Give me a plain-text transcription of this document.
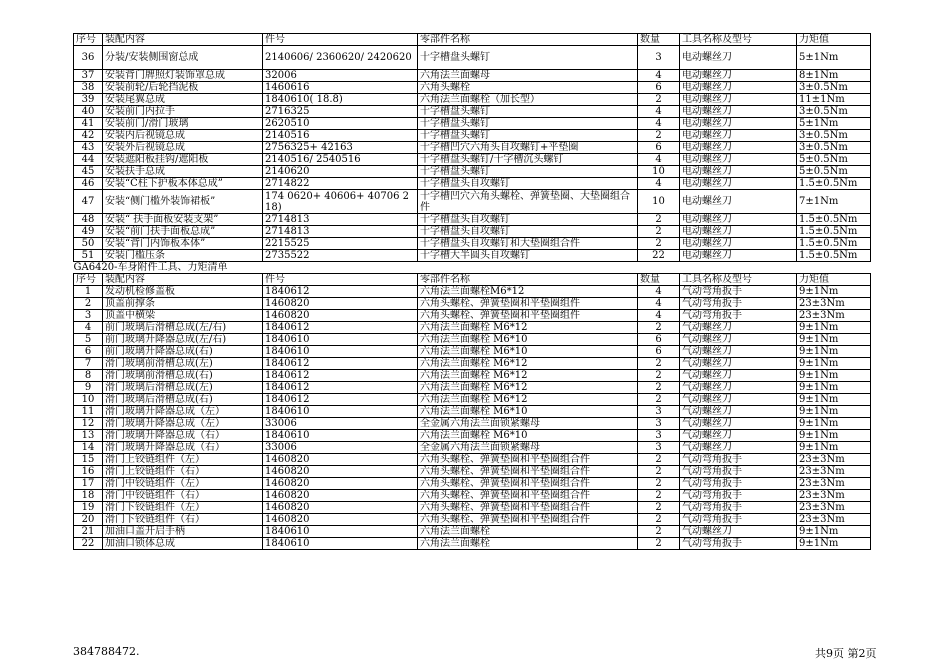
序号	装配内容	件号	零部件名称	数量	工具名称及型号	力矩值
36	分装/安装侧围窗总成	2140606/ 2360620/ 2420620	十字槽盘头螺钉	3	电动螺丝刀	5±1Nm
37	安装背门牌照灯装饰罩总成	32006	六角法兰面螺母	4	电动螺丝刀	8±1Nm
38	安装前轮/后轮挡泥板	1460616	六角头螺栓	6	电动螺丝刀	3±0.5Nm
39	安装尾翼总成	1840610( 18.8)	六角法兰面螺栓（加长型）	2	电动螺丝刀	11±1Nm
40	安装前门内拉手	2716325	十字槽盘头螺钉	4	电动螺丝刀	3±0.5Nm
41	安装前门/滑门玻璃	2620510	十字槽盘头螺钉	4	电动螺丝刀	5±1Nm
42	安装内后视镜总成	2140516	十字槽盘头螺钉	2	电动螺丝刀	3±0.5Nm
43	安装外后视镜总成	2756325+ 42163	十字槽凹穴六角头自攻螺钉+平垫圈	6	电动螺丝刀	3±0.5Nm
44	安装遮阳板挂钩/遮阳板	2140516/ 2540516	十字槽盘头螺钉/十字槽沉头螺钉	4	电动螺丝刀	5±0.5Nm
45	安装扶手总成	2140620	十字槽盘头螺钉	10	电动螺丝刀	5±0.5Nm
46	安装“C柱下护板本体总成”	2714822	十字槽盘头自攻螺钉	4	电动螺丝刀	1.5±0.5Nm
47	安装“侧门槛外装饰裙板”	174 0620+ 40606+ 40706 2 18)	十字槽凹穴六角头螺栓、弹簧垫圈、大垫圈组合件	10	电动螺丝刀	7±1Nm
48	安装“ 扶手面板安装支架”	2714813	十字槽盘头自攻螺钉	2	电动螺丝刀	1.5±0.5Nm
49	安装“前门扶手面板总成”	2714813	十字槽盘头自攻螺钉	2	电动螺丝刀	1.5±0.5Nm
50	安装“背门内饰板本体”	2215525	十字槽盘头自攻螺钉和大垫圈组合件	2	电动螺丝刀	1.5±0.5Nm
51	安装门槛压条	2735522	十字槽大半圆头自攻螺钉	22	电动螺丝刀	1.5±0.5Nm
GA6420-车身附件工具、力矩清单						
序号	装配内容	件号	零部件名称	数量	工具名称及型号	力矩值
1	发动机检修盖板	1840612	六角法兰面螺栓M6*12	4	气动弯角扳手	9±1Nm
2	顶盖前撑条	1460820	六角头螺栓、弹簧垫圈和平垫圈组件	4	气动弯角扳手	23±3Nm
3	顶盖中横梁	1460820	六角头螺栓、弹簧垫圈和平垫圈组件	4	气动弯角扳手	23±3Nm
4	前门玻璃后滑槽总成(左/右)	1840612	六角法兰面螺栓 M6*12	2	气动螺丝刀	9±1Nm
5	前门玻璃升降器总成(左/右)	1840610	六角法兰面螺栓 M6*10	6	气动螺丝刀	9±1Nm
6	前门玻璃升降器总成(右)	1840610	六角法兰面螺栓 M6*10	6	气动螺丝刀	9±1Nm
7	滑门玻璃前滑槽总成(左)	1840612	六角法兰面螺栓 M6*12	2	气动螺丝刀	9±1Nm
8	滑门玻璃前滑槽总成(右)	1840612	六角法兰面螺栓 M6*12	2	气动螺丝刀	9±1Nm
9	滑门玻璃后滑槽总成(左)	1840612	六角法兰面螺栓 M6*12	2	气动螺丝刀	9±1Nm
10	滑门玻璃后滑槽总成(右)	1840612	六角法兰面螺栓 M6*12	2	气动螺丝刀	9±1Nm
11	滑门玻璃升降器总成（左）	1840610	六角法兰面螺栓 M6*10	3	气动螺丝刀	9±1Nm
12	滑门玻璃升降器总成（左）	33006	全金属六角法兰面锁紧螺母	3	气动螺丝刀	9±1Nm
13	滑门玻璃升降器总成（右）	1840610	六角法兰面螺栓 M6*10	3	气动螺丝刀	9±1Nm
14	滑门玻璃升降器总成（右）	33006	全金属六角法兰面锁紧螺母	3	气动螺丝刀	9±1Nm
15	滑门上铰链组件（左）	1460820	六角头螺栓、弹簧垫圈和平垫圈组合件	2	气动弯角扳手	23±3Nm
16	滑门上铰链组件（右）	1460820	六角头螺栓、弹簧垫圈和平垫圈组合件	2	气动弯角扳手	23±3Nm
17	滑门中铰链组件（左）	1460820	六角头螺栓、弹簧垫圈和平垫圈组合件	2	气动弯角扳手	23±3Nm
18	滑门中铰链组件（右）	1460820	六角头螺栓、弹簧垫圈和平垫圈组合件	2	气动弯角扳手	23±3Nm
19	滑门下铰链组件（左）	1460820	六角头螺栓、弹簧垫圈和平垫圈组合件	2	气动弯角扳手	23±3Nm
20	滑门下铰链组件（右）	1460820	六角头螺栓、弹簧垫圈和平垫圈组合件	2	气动弯角扳手	23±3Nm
21	加油口盖开启手柄	1840610	六角法兰面螺栓	2	气动螺丝刀	9±1Nm
22	加油口锁体总成	1840610	六角法兰面螺栓	2	气动弯角扳手	9±1Nm
384788472.	共9页 第2页
